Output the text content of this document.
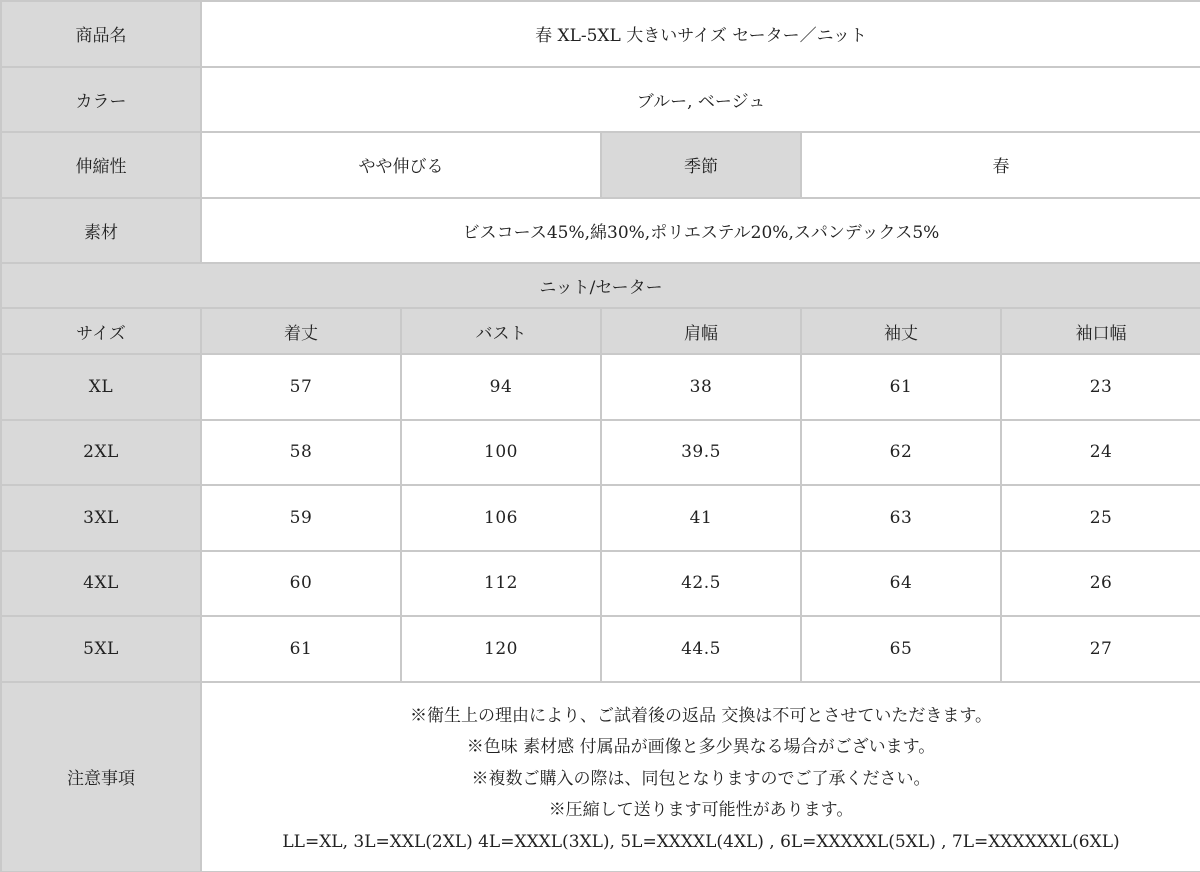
商品名	春 XL-5XL 大きいサイズ セーター／ニット				
カラー	ブルー, ベージュ				
伸縮性	やや伸びる		季節	春	
素材	ビスコース45%,綿30%,ポリエステル20%,スパンデックス5%				
ニット/セーター					
サイズ	着丈	バスト	肩幅	袖丈	袖口幅
XL	57	94	38	61	23
2XL	58	100	39.5	62	24
3XL	59	106	41	63	25
4XL	60	112	42.5	64	26
5XL	61	120	44.5	65	27
注意事項	※衛生上の理由により、ご試着後の返品 交換は不可とさせていただきます。
※色味 素材感 付属品が画像と多少異なる場合がございます。
※複数ご購入の際は、同包となりますのでご了承ください。
※圧縮して送ります可能性があります。
LL=XL, 3L=XXL(2XL) 4L=XXXL(3XL), 5L=XXXXL(4XL) , 6L=XXXXXL(5XL) , 7L=XXXXXXL(6XL)				
